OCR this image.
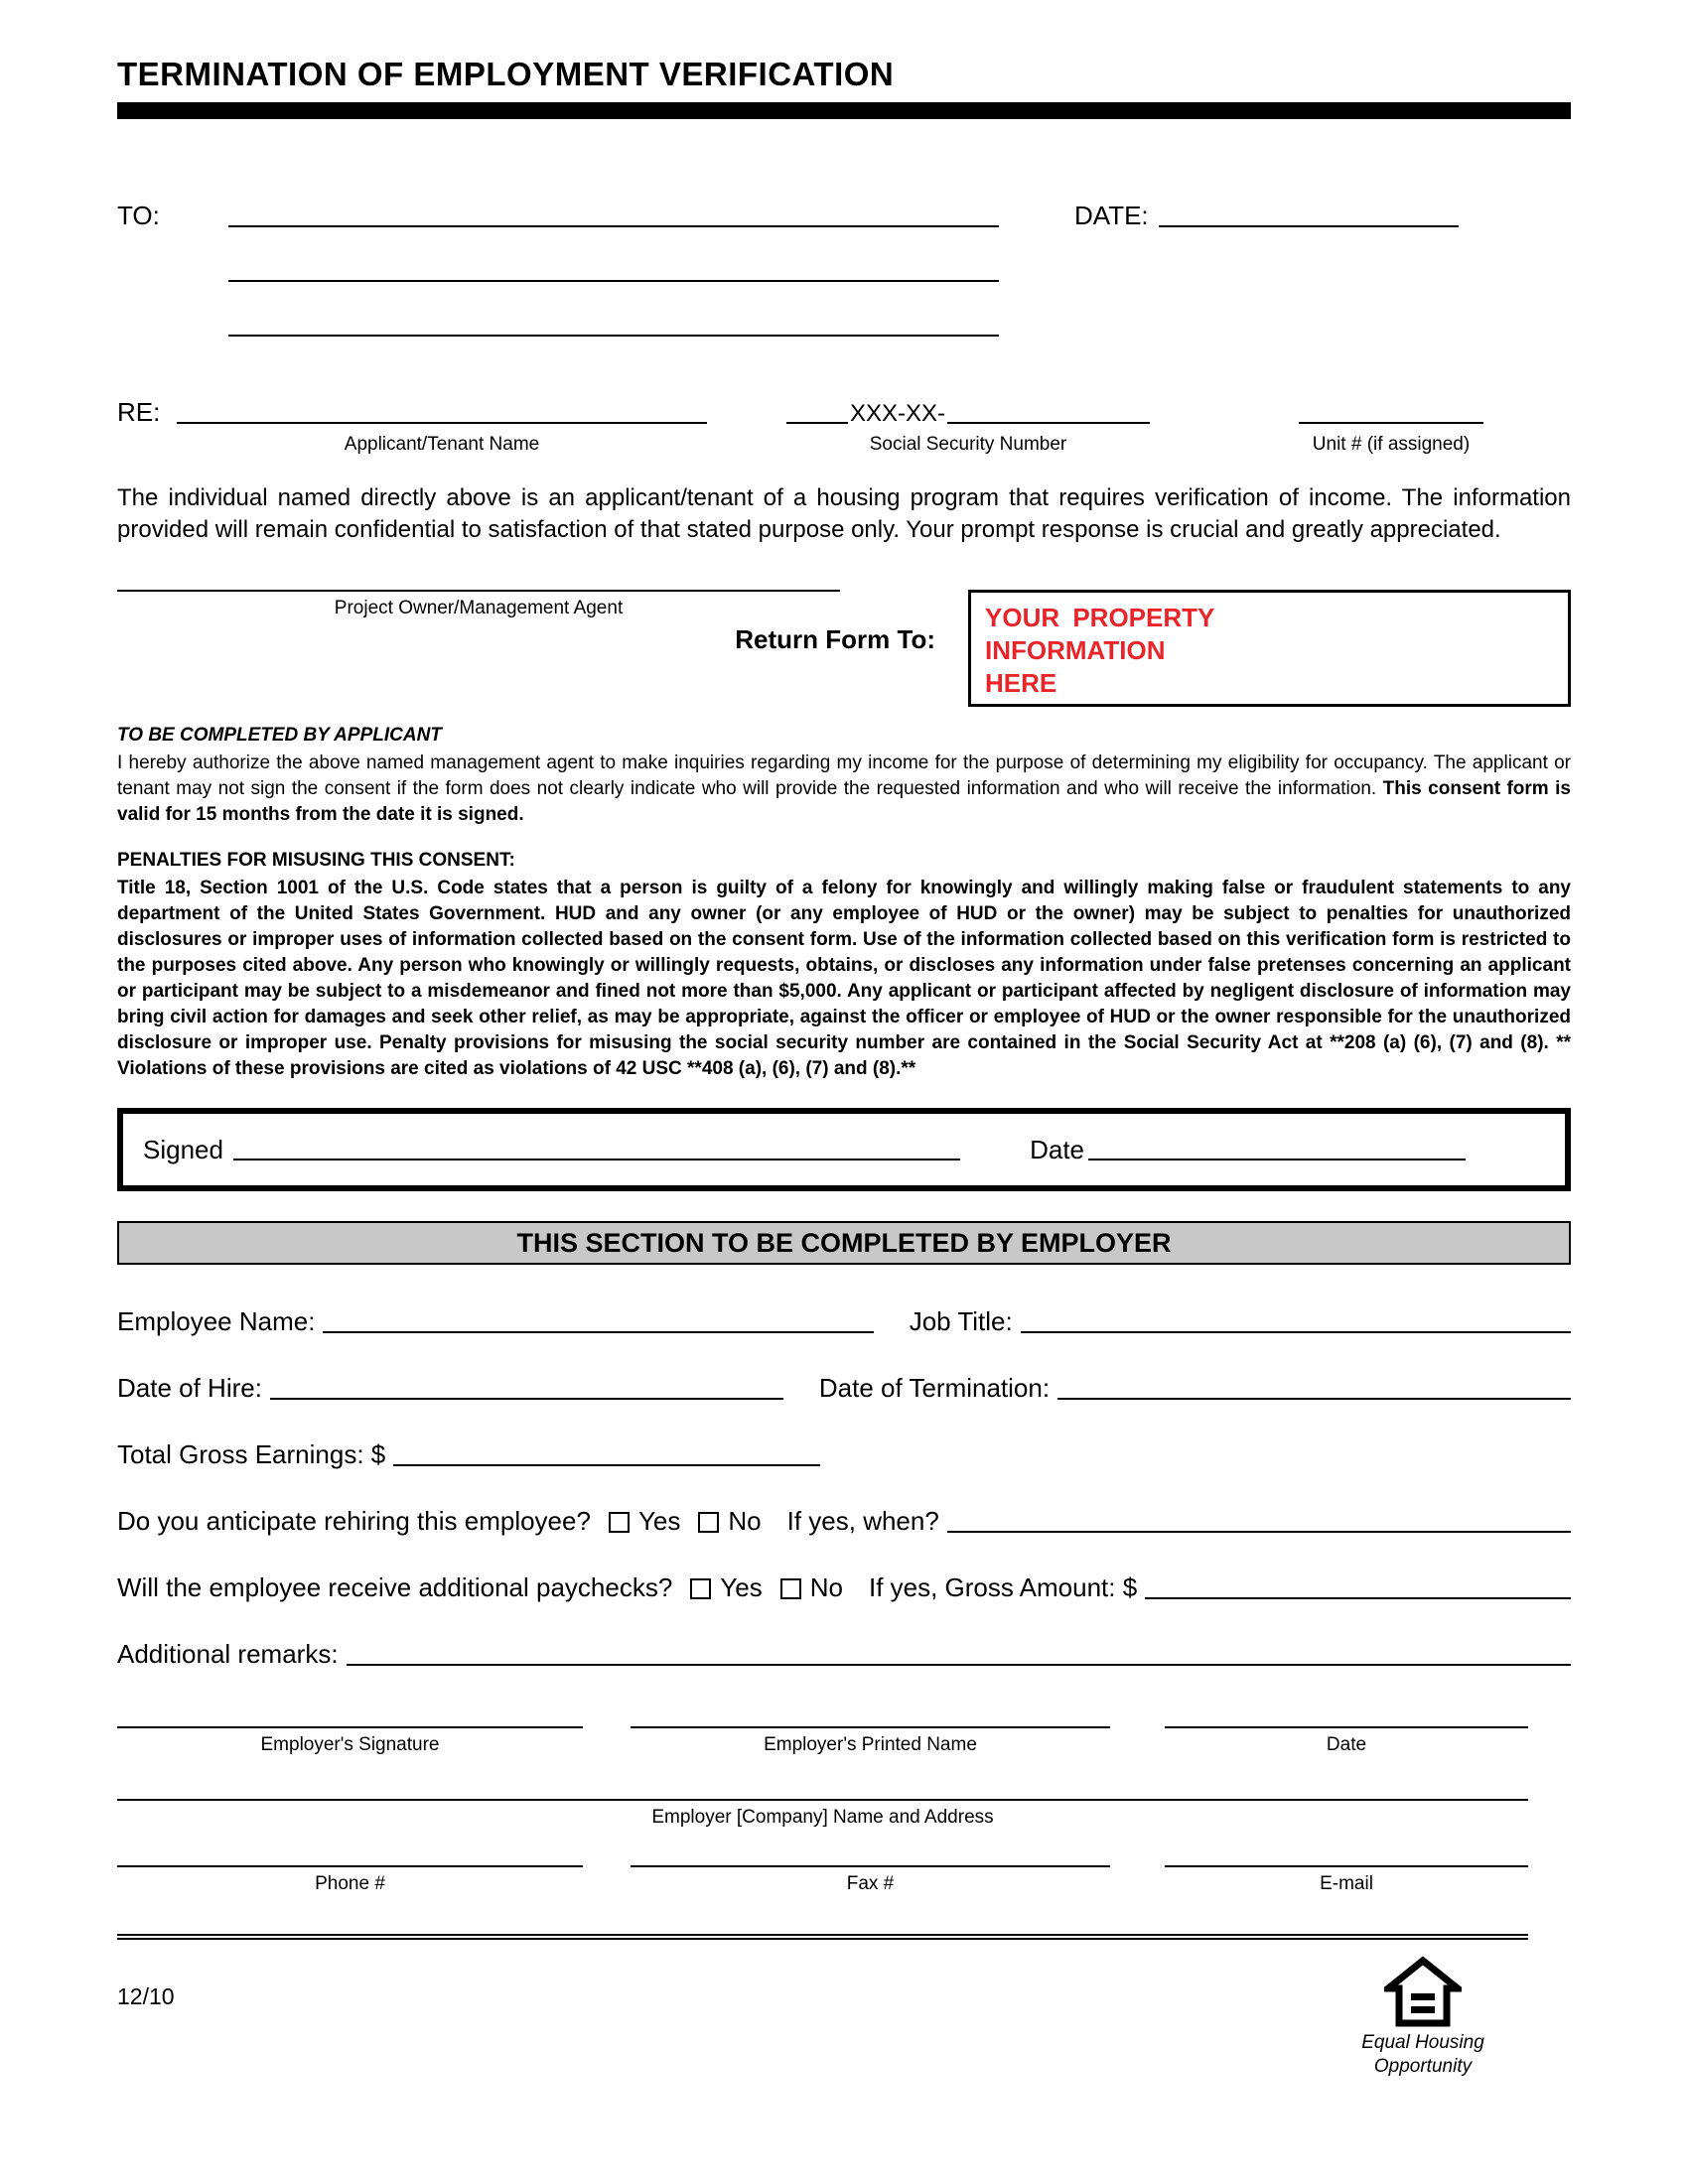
TERMINATION OF EMPLOYMENT VERIFICATION
TO:	DATE:
RE:	XXX-XX-
Applicant/Tenant Name	Social Security Number	Unit # (if assigned)

The individual named directly above is an applicant/tenant of a housing program that requires verification of income. The information provided will remain confidential to satisfaction of that stated purpose only. Your prompt response is crucial and greatly appreciated.

Project Owner/Management Agent
Return Form To:
YOUR PROPERTY
INFORMATION
HERE
TO BE COMPLETED BY APPLICANT

I hereby authorize the above named management agent to make inquiries regarding my income for the purpose of determining my eligibility for occupancy. The applicant or tenant may not sign the consent if the form does not clearly indicate who will provide the requested information and who will receive the information. This consent form is valid for 15 months from the date it is signed.

PENALTIES FOR MISUSING THIS CONSENT:

Title 18, Section 1001 of the U.S. Code states that a person is guilty of a felony for knowingly and willingly making false or fraudulent statements to any department of the United States Government. HUD and any owner (or any employee of HUD or the owner) may be subject to penalties for unauthorized disclosures or improper uses of information collected based on the consent form. Use of the information collected based on this verification form is restricted to the purposes cited above. Any person who knowingly or willingly requests, obtains, or discloses any information under false pretenses concerning an applicant or participant may be subject to a misdemeanor and fined not more than $5,000. Any applicant or participant affected by negligent disclosure of information may bring civil action for damages and seek other relief, as may be appropriate, against the officer or employee of HUD or the owner responsible for the unauthorized disclosure or improper use. Penalty provisions for misusing the social security number are contained in the Social Security Act at **208 (a) (6), (7) and (8). ** Violations of these provisions are cited as violations of 42 USC **408 (a), (6), (7) and (8).**

Signed	Date
THIS SECTION TO BE COMPLETED BY EMPLOYER
Employee Name:	Job Title:
Date of Hire:	Date of Termination:
Total Gross Earnings: $
Do you anticipate rehiring this employee? Yes No If yes, when?
Will the employee receive additional paychecks? Yes No If yes, Gross Amount: $
Additional remarks:
Employer's Signature	Employer's Printed Name	Date
Employer [Company] Name and Address
Phone #	Fax #	E-mail
12/10
Equal Housing
Opportunity
